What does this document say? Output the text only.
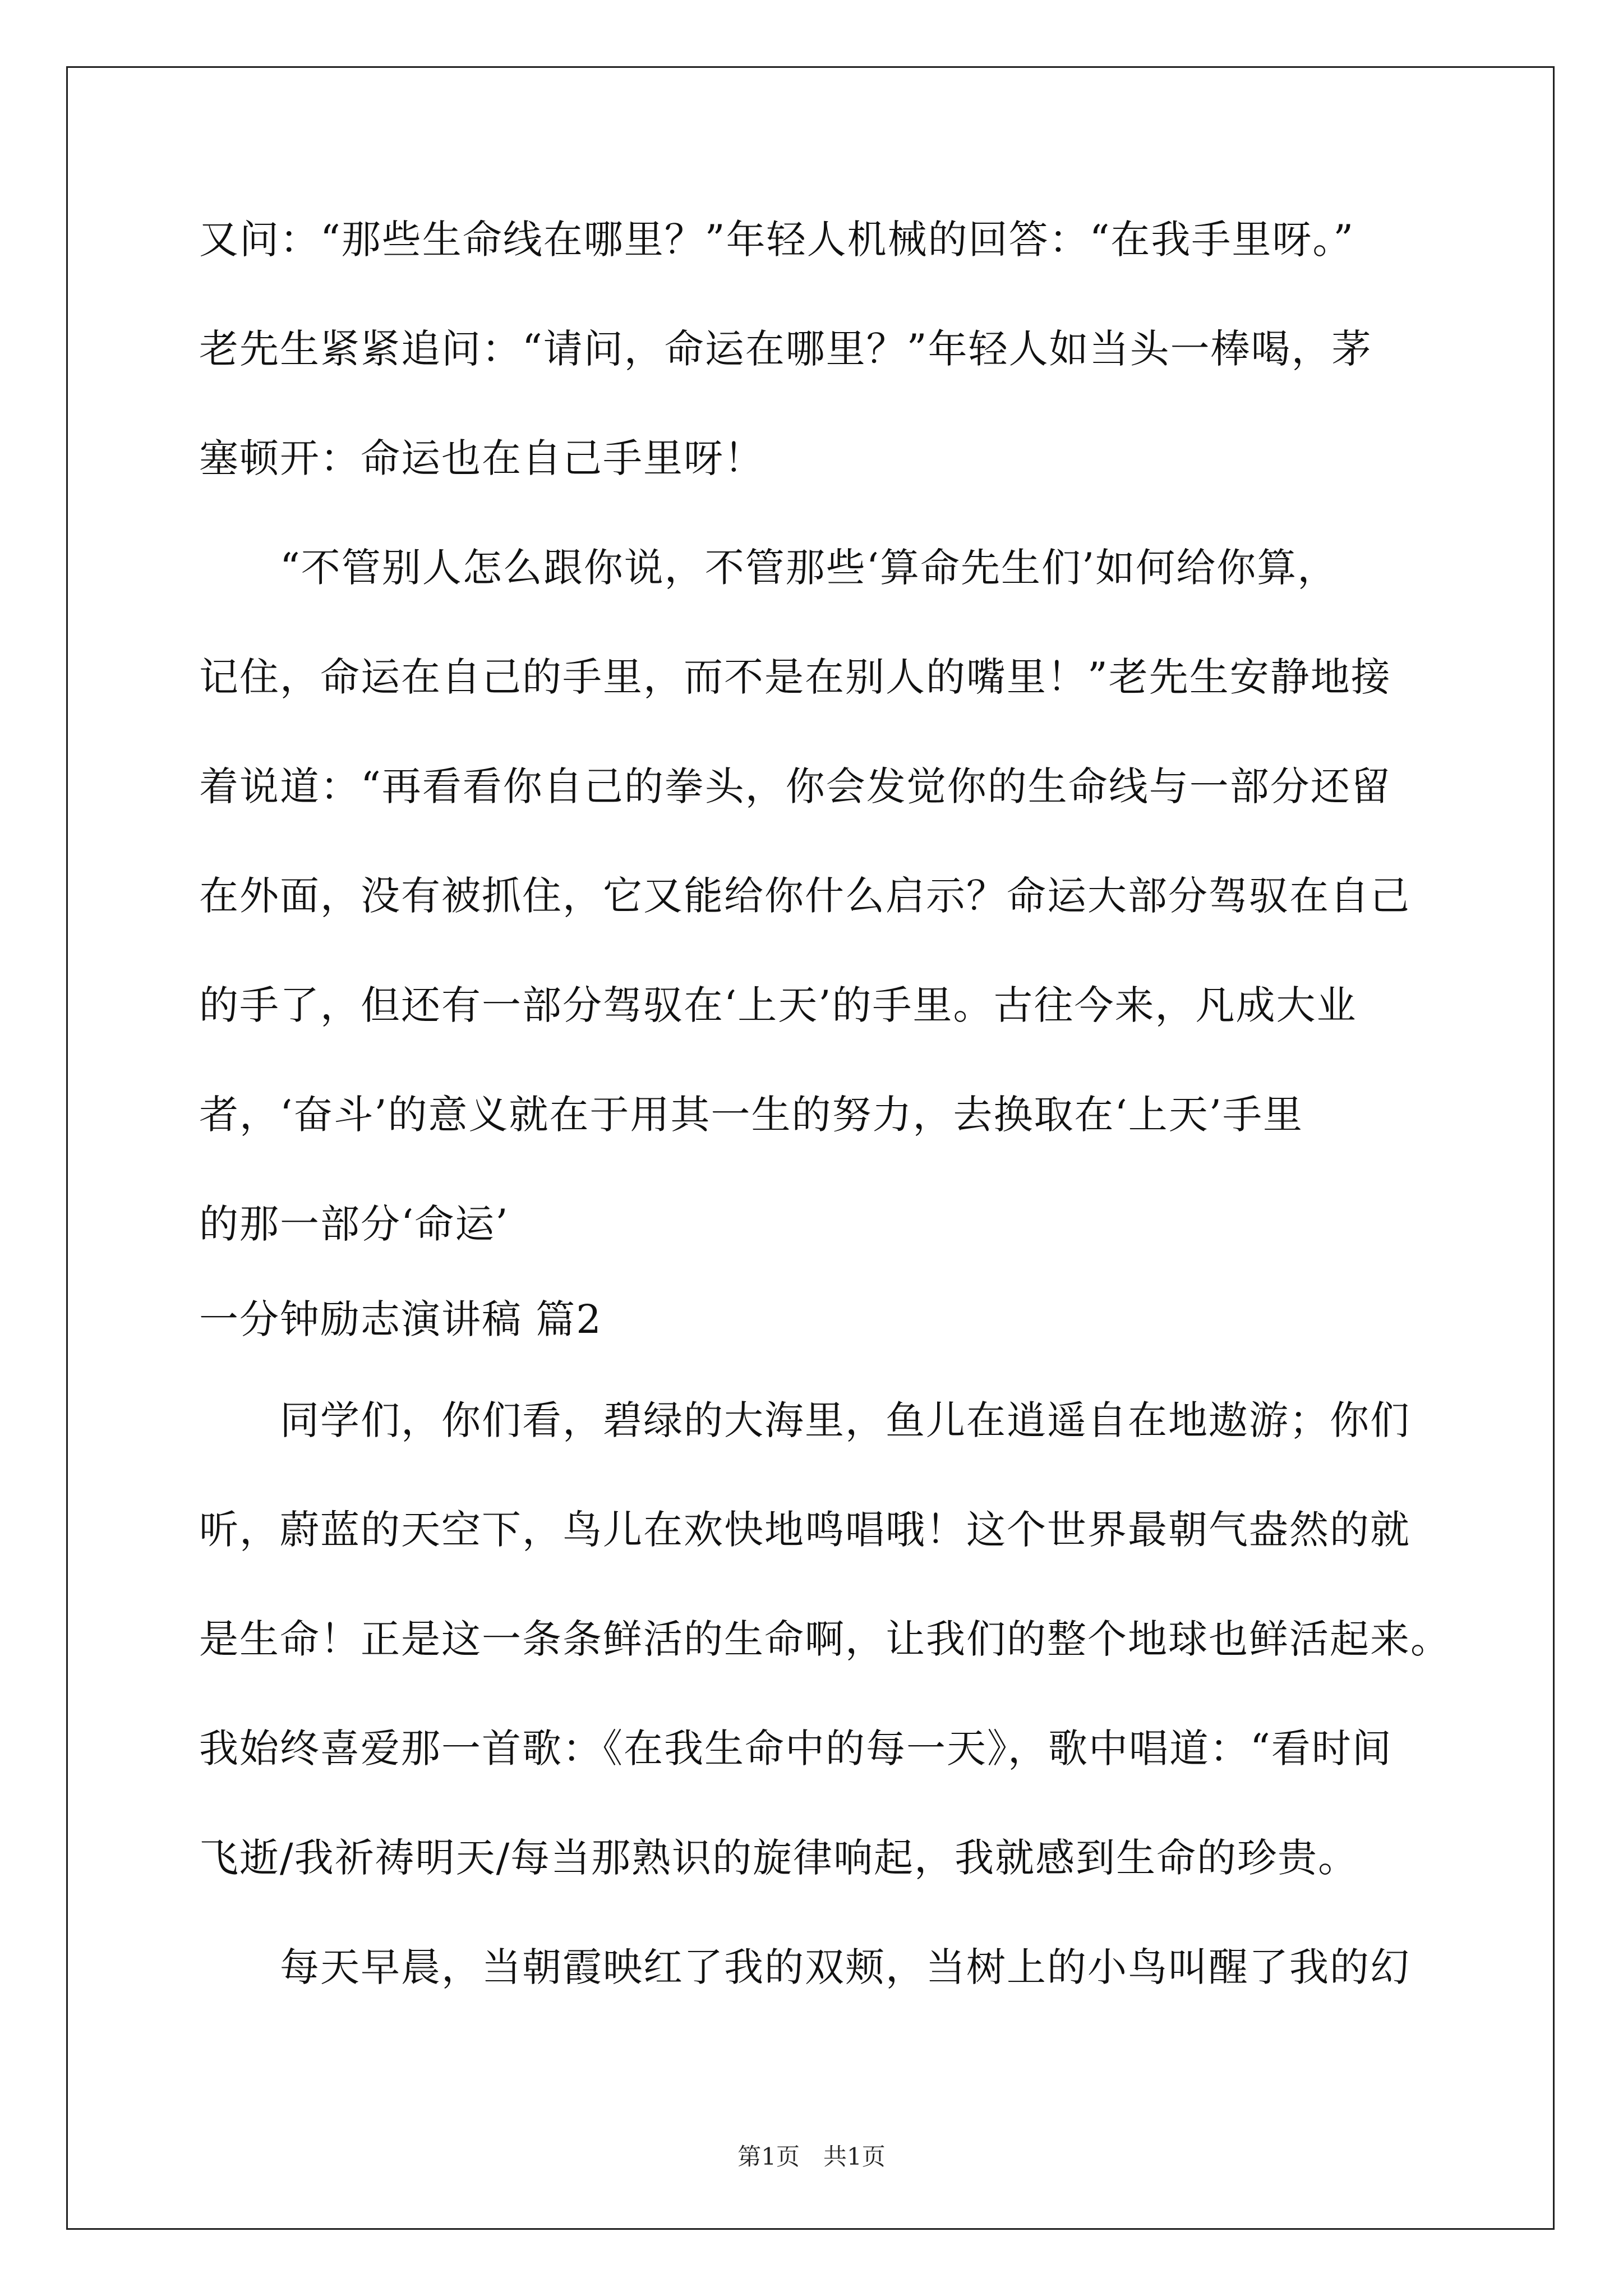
又问：“那些生命线在哪里？”年轻人机械的回答：“在我手里呀。”
老先生紧紧追问：“请问，命运在哪里？”年轻人如当头一棒喝，茅
塞顿开：命运也在自己手里呀！
　　“不管别人怎么跟你说，不管那些‘算命先生们’如何给你算，
记住，命运在自己的手里，而不是在别人的嘴里！”老先生安静地接
着说道：“再看看你自己的拳头，你会发觉你的生命线与一部分还留
在外面，没有被抓住，它又能给你什么启示？命运大部分驾驭在自己
的手了，但还有一部分驾驭在‘上天’的手里。古往今来，凡成大业
者，‘奋斗’的意义就在于用其一生的努力，去换取在‘上天’手里
的那一部分‘命运’
一分钟励志演讲稿 篇2
　　同学们，你们看，碧绿的大海里，鱼儿在逍遥自在地遨游；你们
听，蔚蓝的天空下，鸟儿在欢快地鸣唱哦！这个世界最朝气盎然的就
是生命！正是这一条条鲜活的生命啊，让我们的整个地球也鲜活起来。
我始终喜爱那一首歌：《在我生命中的每一天》，歌中唱道：“看时间
飞逝/我祈祷明天/每当那熟识的旋律响起，我就感到生命的珍贵。
　　每天早晨，当朝霞映红了我的双颊，当树上的小鸟叫醒了我的幻
第1页　共1页
